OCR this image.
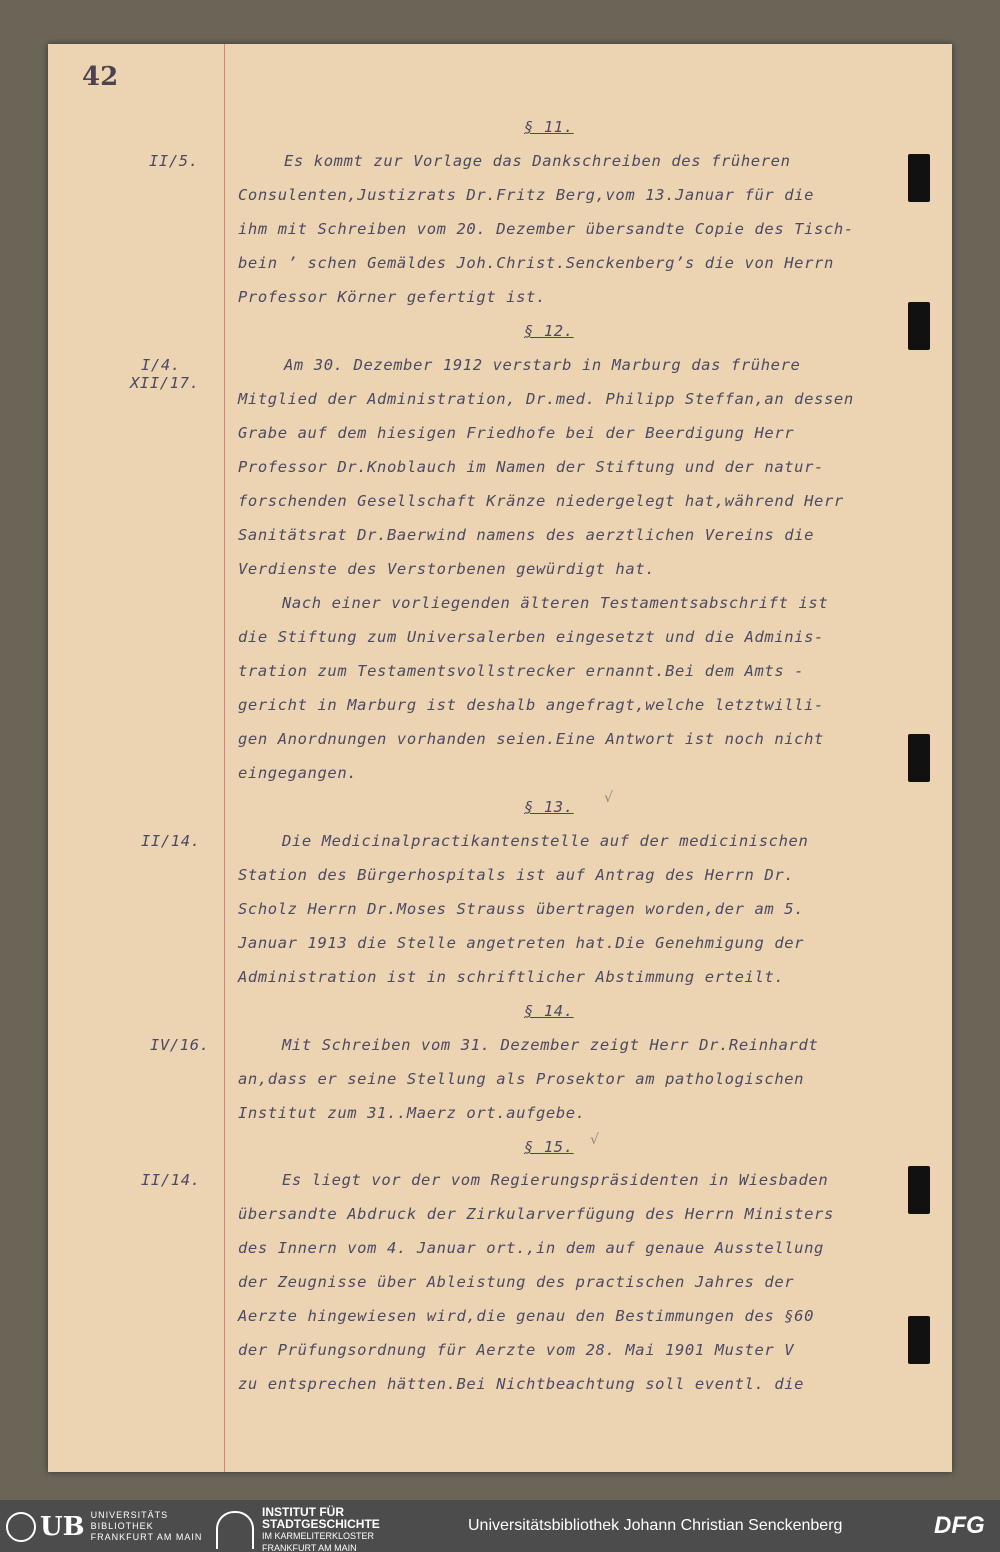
42
II/5.
I/4.
XII/17.
II/14.
IV/16.
II/14.
§ 11.
Es kommt zur Vorlage das Dankschreiben des früheren
Consulenten,Justizrats Dr.Fritz Berg,vom 13.Januar für die
ihm mit Schreiben vom 20. Dezember übersandte Copie des Tisch-
bein ’ schen Gemäldes Joh.Christ.Senckenberg’s die von Herrn
Professor Körner gefertigt ist.
§ 12.
Am 30. Dezember 1912 verstarb in Marburg das frühere
Mitglied der Administration, Dr.med. Philipp Steffan,an dessen
Grabe auf dem hiesigen Friedhofe bei der Beerdigung Herr
Professor Dr.Knoblauch im Namen der Stiftung und der natur-
forschenden Gesellschaft Kränze niedergelegt hat,während Herr
Sanitätsrat Dr.Baerwind namens des aerztlichen Vereins die
Verdienste des Verstorbenen gewürdigt hat.
Nach einer vorliegenden älteren Testamentsabschrift ist
die Stiftung zum Universalerben eingesetzt und die Adminis-
tration zum Testamentsvollstrecker ernannt.Bei dem Amts -
gericht in Marburg ist deshalb angefragt,welche letztwilli-
gen Anordnungen vorhanden seien.Eine Antwort ist noch nicht
eingegangen.
§ 13. √
Die Medicinalpractikantenstelle auf der medicinischen
Station des Bürgerhospitals ist auf Antrag des Herrn Dr.
Scholz Herrn Dr.Moses Strauss übertragen worden,der am 5.
Januar 1913 die Stelle angetreten hat.Die Genehmigung der
Administration ist in schriftlicher Abstimmung erteilt.
§ 14.
Mit Schreiben vom 31. Dezember zeigt Herr Dr.Reinhardt
an,dass er seine Stellung als Prosektor am pathologischen
Institut zum 31..Maerz ort.aufgebe.
§ 15. √
Es liegt vor der vom Regierungspräsidenten in Wiesbaden
übersandte Abdruck der Zirkularverfügung des Herrn Ministers
des Innern vom 4. Januar ort.,in dem auf genaue Ausstellung
der Zeugnisse über Ableistung des practischen Jahres der
Aerzte hingewiesen wird,die genau den Bestimmungen des §60
der Prüfungsordnung für Aerzte vom 28. Mai 1901 Muster V
zu entsprechen hätten.Bei Nichtbeachtung soll eventl. die
UB UNIVERSITÄTS
BIBLIOTHEK
FRANKFURT AM MAIN
INSTITUT FÜR
STADTGESCHICHTE
IM KARMELITERKLOSTER
FRANKFURT AM MAIN
Universitätsbibliothek Johann Christian Senckenberg	DFG
